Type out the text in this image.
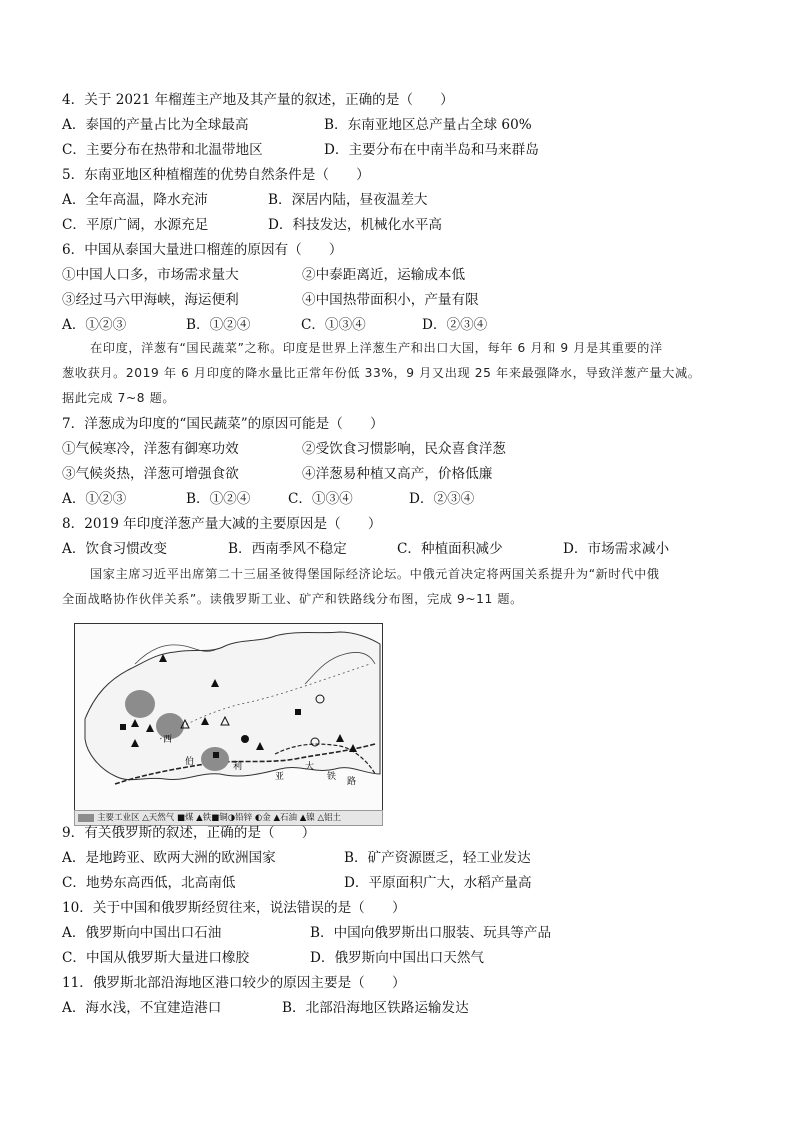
4．关于 2021 年榴莲主产地及其产量的叙述，正确的是（　　）
A．泰国的产量占比为全球最高	B．东南亚地区总产量占全球 60%
C．主要分布在热带和北温带地区	D．主要分布在中南半岛和马来群岛
5．东南亚地区种植榴莲的优势自然条件是（　　）
A．全年高温，降水充沛	B．深居内陆，昼夜温差大
C．平原广阔，水源充足	D．科技发达，机械化水平高
6．中国从泰国大量进口榴莲的原因有（　　）
①中国人口多，市场需求量大	②中泰距离近，运输成本低
③经过马六甲海峡，海运便利	④中国热带面积小，产量有限
A．①②③	B．①②④	C．①③④	D．②③④
在印度，洋葱有“国民蔬菜”之称。印度是世界上洋葱生产和出口大国，每年 6 月和 9 月是其重要的洋
葱收获月。2019 年 6 月印度的降水量比正常年份低 33%，9 月又出现 25 年来最强降水，导致洋葱产量大减。
据此完成 7~8 题。
7．洋葱成为印度的“国民蔬菜”的原因可能是（　　）
①气候寒冷，洋葱有御寒功效	②受饮食习惯影响，民众喜食洋葱
③气候炎热，洋葱可增强食欲	④洋葱易种植又高产，价格低廉
A．①②③	B．①②④	C．①③④	D．②③④
8．2019 年印度洋葱产量大减的主要原因是（　　）
A．饮食习惯改变	B．西南季风不稳定	C．种植面积减少	D．市场需求减小
国家主席习近平出席第二十三届圣彼得堡国际经济论坛。中俄元首决定将两国关系提升为“新时代中俄
全面战略协作伙伴关系”。读俄罗斯工业、矿产和铁路线分布图，完成 9~11 题。
西
伯	利
亚
大
铁 路
主要工业区 △天然气 ■煤 ▲铁■铜◑铅锌 ◐金 ▲石油 ▲镍 △铝土
9．有关俄罗斯的叙述，正确的是（　　）
A．是地跨亚、欧两大洲的欧洲国家	B．矿产资源匮乏，轻工业发达
C．地势东高西低，北高南低	D．平原面积广大，水稻产量高
10．关于中国和俄罗斯经贸往来，说法错误的是（　　）
A．俄罗斯向中国出口石油	B．中国向俄罗斯出口服装、玩具等产品
C．中国从俄罗斯大量进口橡胶	D．俄罗斯向中国出口天然气
11．俄罗斯北部沿海地区港口较少的原因主要是（　　）
A．海水浅，不宜建造港口	B．北部沿海地区铁路运输发达
